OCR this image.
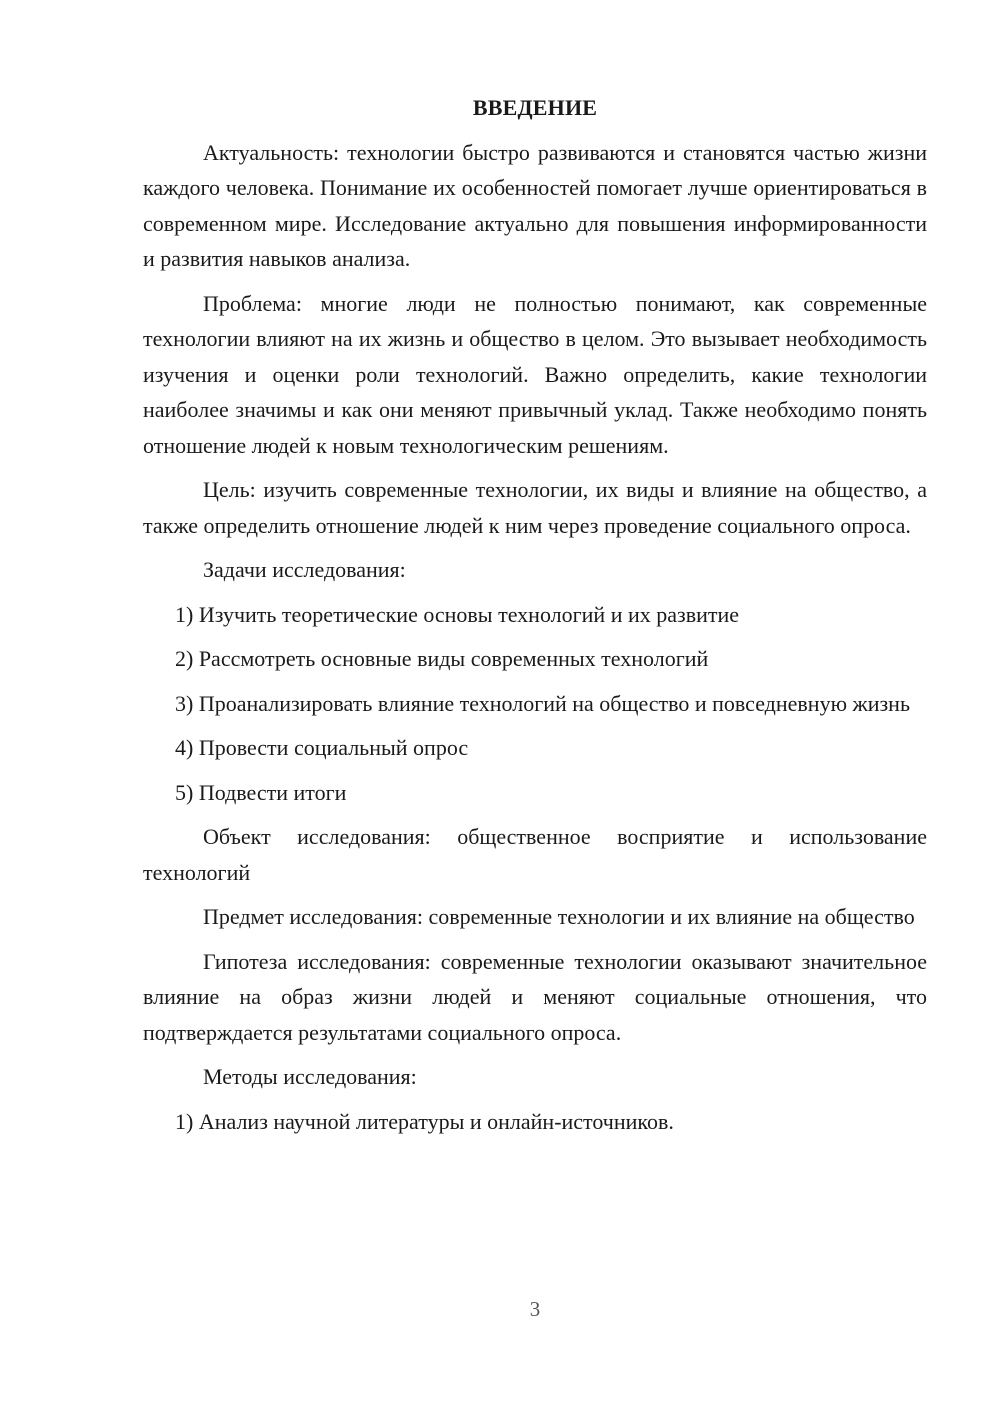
ВВЕДЕНИЕ
Актуальность: технологии быстро развиваются и становятся частью жизни каждого человека. Понимание их особенностей помогает лучше ориентироваться в современном мире. Исследование актуально для повышения информированности и развития навыков анализа.
Проблема: многие люди не полностью понимают, как современные технологии влияют на их жизнь и общество в целом. Это вызывает необходимость изучения и оценки роли технологий. Важно определить, какие технологии наиболее значимы и как они меняют привычный уклад. Также необходимо понять отношение людей к новым технологическим решениям.
Цель: изучить современные технологии, их виды и влияние на общество, а также определить отношение людей к ним через проведение социального опроса.
Задачи исследования:
1) Изучить теоретические основы технологий и их развитие
2) Рассмотреть основные виды современных технологий
3) Проанализировать влияние технологий на общество и повседневную жизнь
4) Провести социальный опрос
5) Подвести итоги
Объект исследования: общественное восприятие и использование технологий
Предмет исследования: современные технологии и их влияние на общество
Гипотеза исследования: современные технологии оказывают значительное влияние на образ жизни людей и меняют социальные отношения, что подтверждается результатами социального опроса.
Методы исследования:
1) Анализ научной литературы и онлайн-источников.
3
